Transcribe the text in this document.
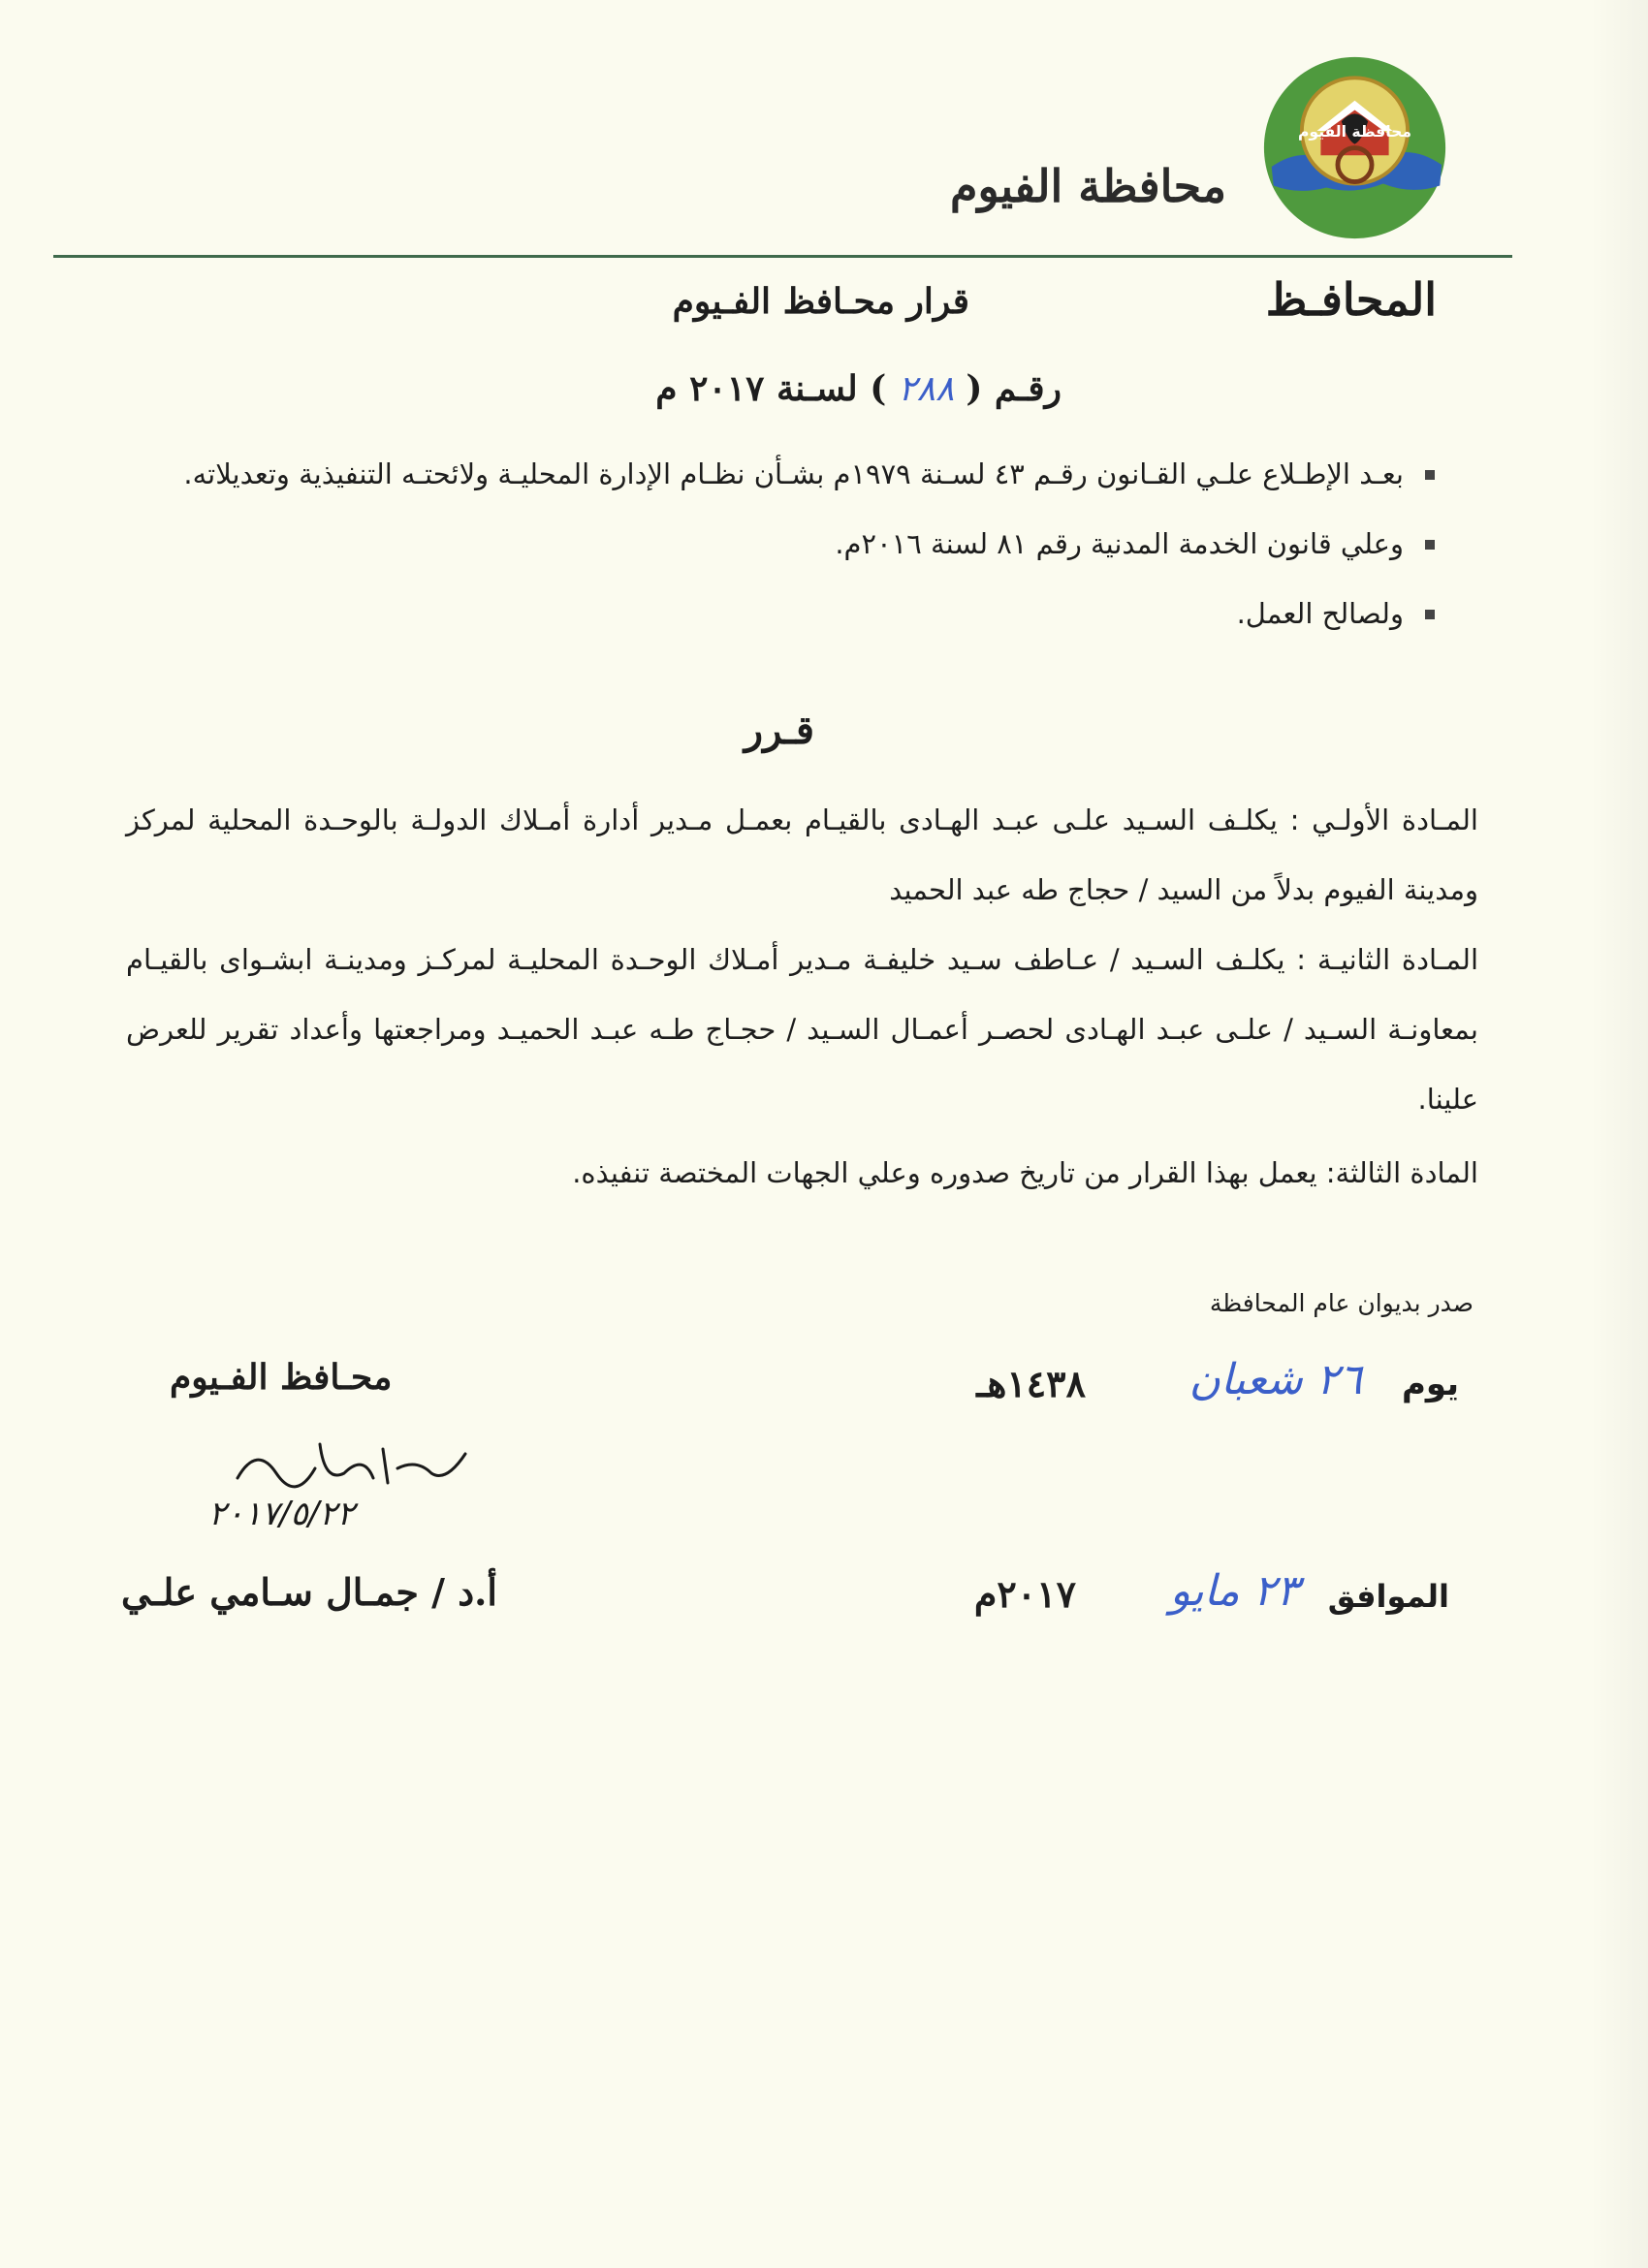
محافظة الفيوم
محافظة الفيوم
المحافـظ
قرار محـافظ الفـيوم
رقـم (
٢٨٨
) لسـنة ٢٠١٧ م
بعـد الإطـلاع علـي القـانون رقـم ٤٣ لسـنة ١٩٧٩م بشـأن نظـام الإدارة المحليـة ولائحتـه التنفيذية وتعديلاته.
وعلي قانون الخدمة المدنية رقم ٨١ لسنة ٢٠١٦م.
ولصالح العمل.
قـرر

المـادة الأولـي : يكلـف السـيد علـى عبـد الهـادى بالقيـام بعمـل مـدير أدارة أمـلاك الدولـة بالوحـدة المحلية لمركز ومدينة الفيوم بدلاً من السيد / حجاج طه عبد الحميد

المـادة الثانيـة : يكلـف السـيد / عـاطف سـيد خليفـة مـدير أمـلاك الوحـدة المحليـة لمركـز ومدينـة ابشـواى بالقيـام بمعاونـة السـيد / علـى عبـد الهـادى لحصـر أعمـال السـيد / حجـاج طـه عبـد الحميـد ومراجعتها وأعداد تقرير للعرض علينا.

المادة الثالثة: يعمل بهذا القرار من تاريخ صدوره وعلي الجهات المختصة تنفيذه.

صدر بديوان عام المحافظة
يوم
٢٦ شعبان
١٤٣٨هـ
الموافق
٢٣ مايو
٢٠١٧م
محـافظ الفـيوم
٢٠١٧/٥/٢٢
أ.د / جمـال سـامي علـي
